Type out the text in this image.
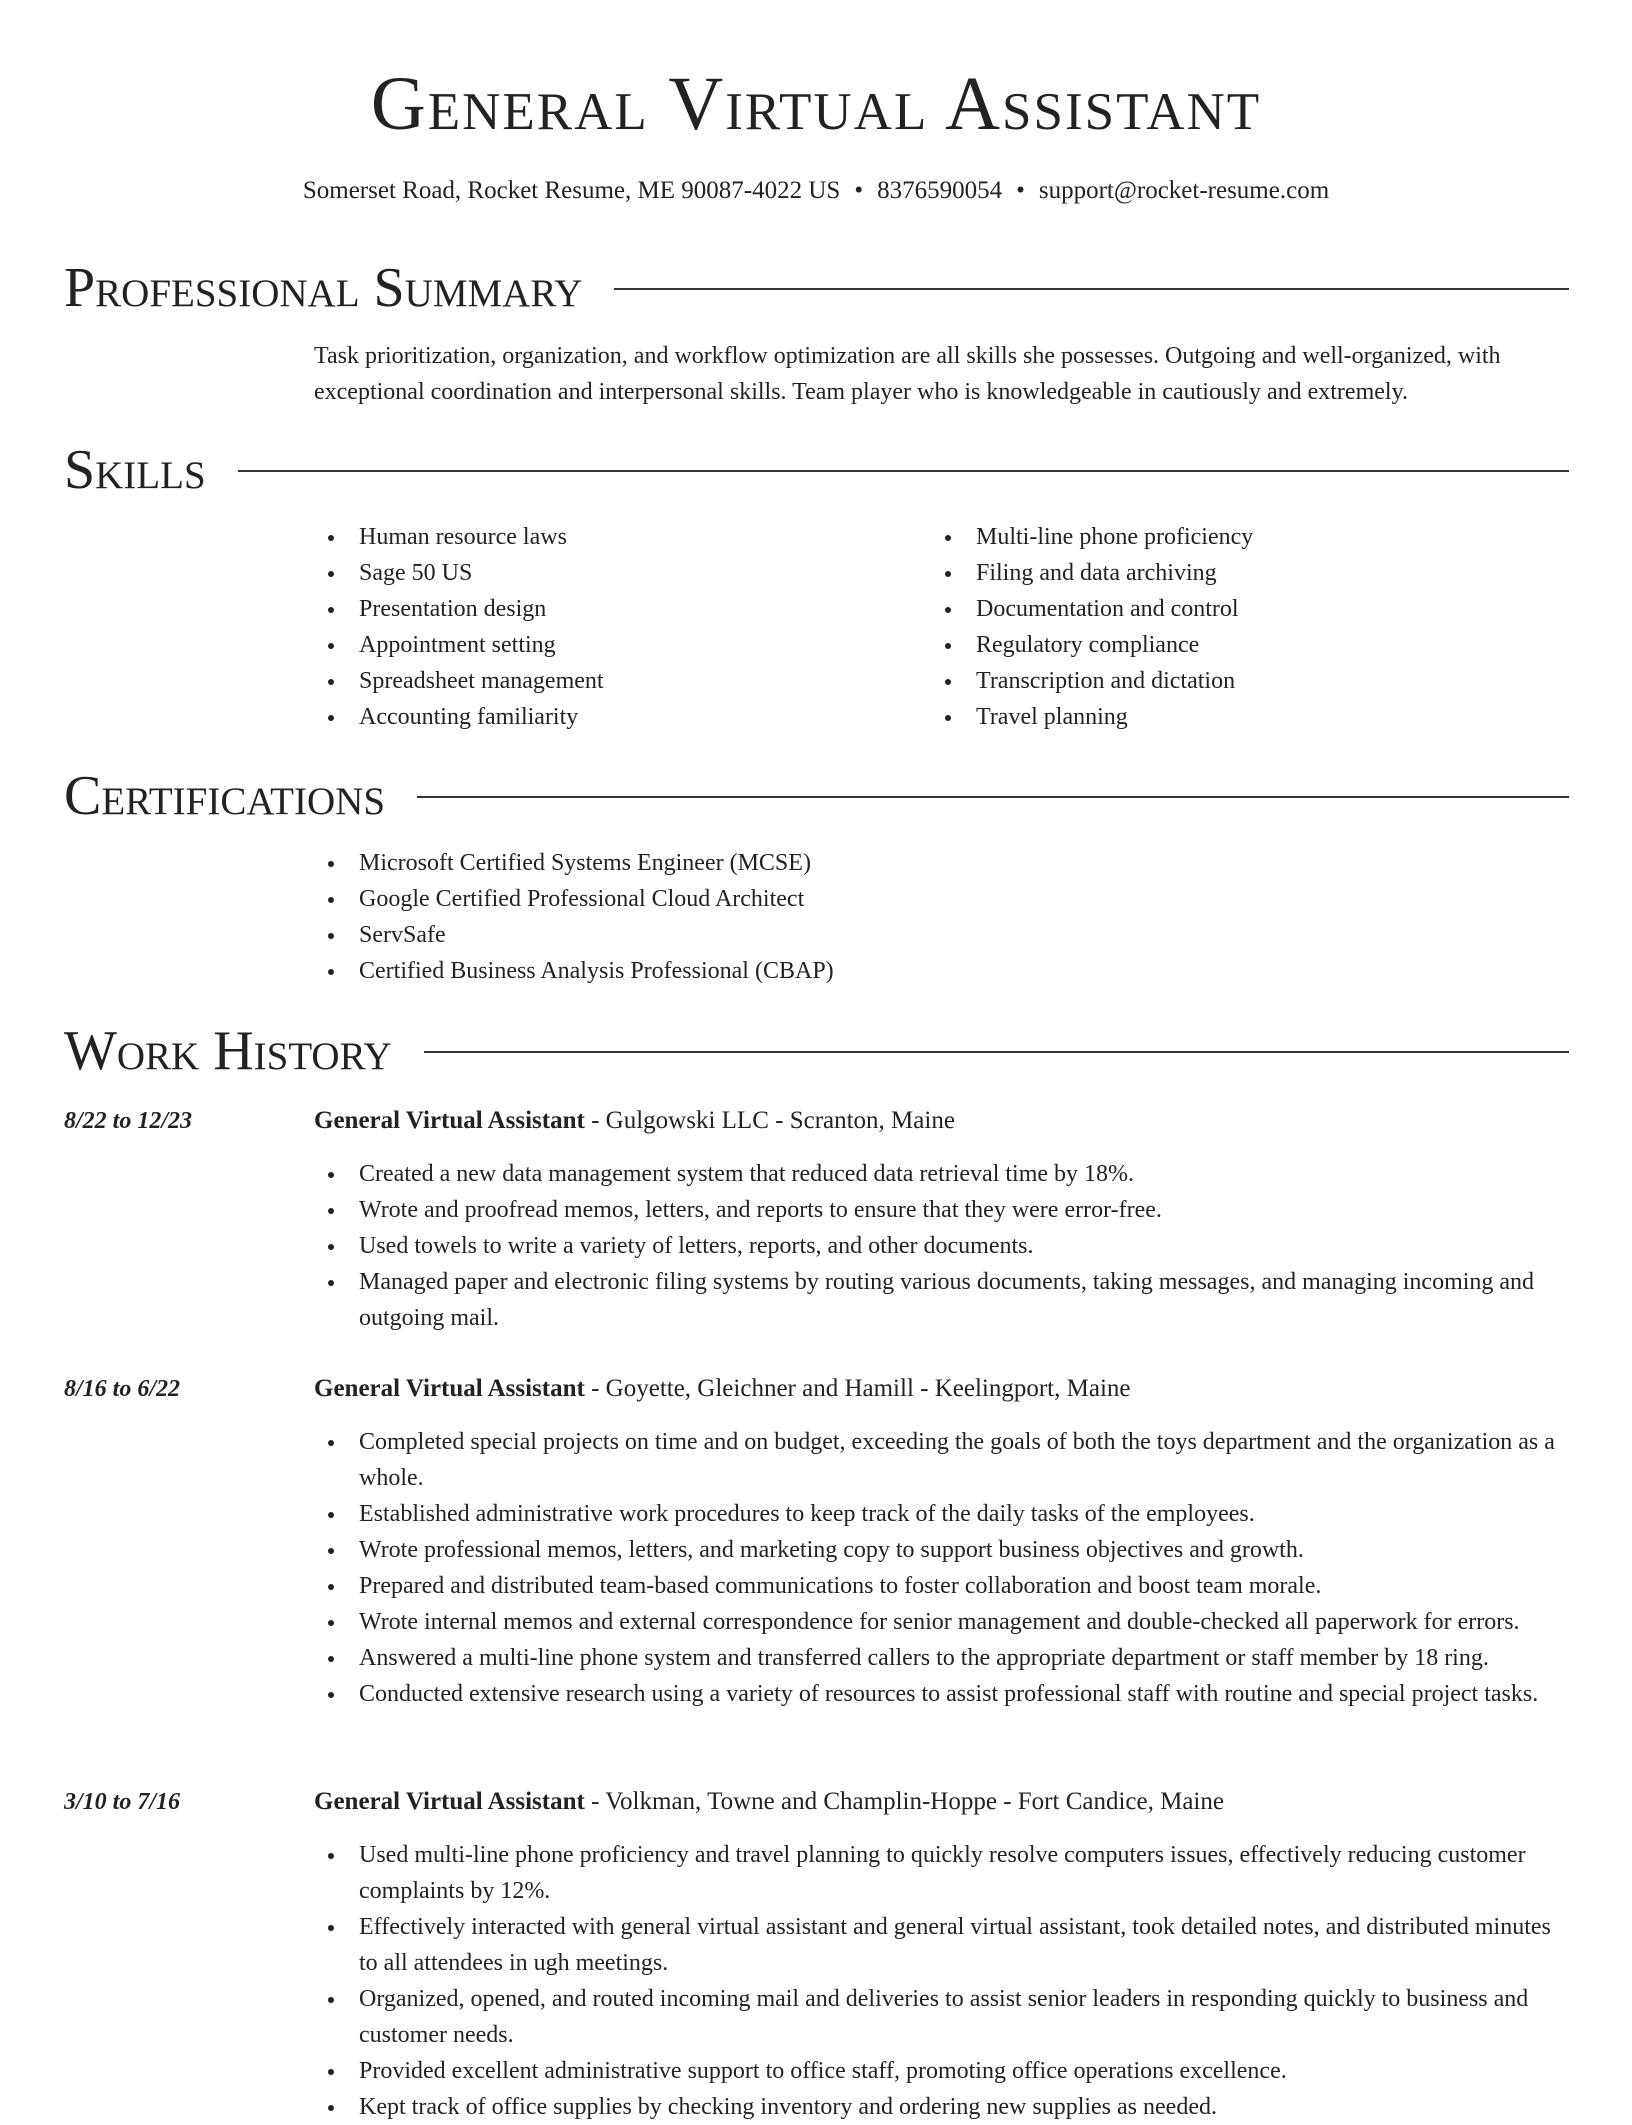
General Virtual Assistant
Somerset Road, Rocket Resume, ME 90087-4022 US • 8376590054 • support@rocket-resume.com
Professional Summary
Task prioritization, organization, and workflow optimization are all skills she possesses. Outgoing and well-organized, with exceptional coordination and interpersonal skills. Team player who is knowledgeable in cautiously and extremely.
Skills
Human resource laws
Sage 50 US
Presentation design
Appointment setting
Spreadsheet management
Accounting familiarity
Multi-line phone proficiency
Filing and data archiving
Documentation and control
Regulatory compliance
Transcription and dictation
Travel planning
Certifications
Microsoft Certified Systems Engineer (MCSE)
Google Certified Professional Cloud Architect
ServSafe
Certified Business Analysis Professional (CBAP)
Work History
8/22 to 12/23	General Virtual Assistant - Gulgowski LLC - Scranton, Maine
Created a new data management system that reduced data retrieval time by 18%.
Wrote and proofread memos, letters, and reports to ensure that they were error-free.
Used towels to write a variety of letters, reports, and other documents.
Managed paper and electronic filing systems by routing various documents, taking messages, and managing incoming and outgoing mail.
8/16 to 6/22	General Virtual Assistant - Goyette, Gleichner and Hamill - Keelingport, Maine
Completed special projects on time and on budget, exceeding the goals of both the toys department and the organization as a whole.
Established administrative work procedures to keep track of the daily tasks of the employees.
Wrote professional memos, letters, and marketing copy to support business objectives and growth.
Prepared and distributed team-based communications to foster collaboration and boost team morale.
Wrote internal memos and external correspondence for senior management and double-checked all paperwork for errors.
Answered a multi-line phone system and transferred callers to the appropriate department or staff member by 18 ring.
Conducted extensive research using a variety of resources to assist professional staff with routine and special project tasks.
3/10 to 7/16	General Virtual Assistant - Volkman, Towne and Champlin-Hoppe - Fort Candice, Maine
Used multi-line phone proficiency and travel planning to quickly resolve computers issues, effectively reducing customer complaints by 12%.
Effectively interacted with general virtual assistant and general virtual assistant, took detailed notes, and distributed minutes to all attendees in ugh meetings.
Organized, opened, and routed incoming mail and deliveries to assist senior leaders in responding quickly to business and customer needs.
Provided excellent administrative support to office staff, promoting office operations excellence.
Kept track of office supplies by checking inventory and ordering new supplies as needed.
